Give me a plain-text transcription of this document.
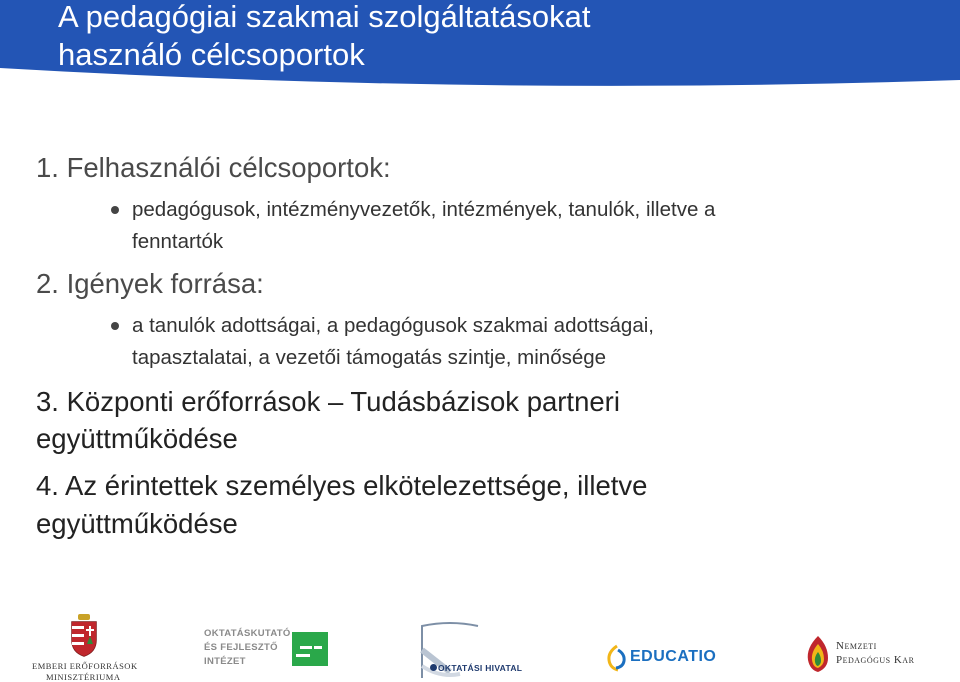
A pedagógiai szakmai szolgáltatásokat
használó célcsoportok
1. Felhasználói célcsoportok:
pedagógusok, intézményvezetők, intézmények, tanulók, illetve a
fenntartók
2. Igények forrása:
a tanulók adottságai, a pedagógusok szakmai adottságai,
tapasztalatai, a vezetői támogatás szintje, minősége
3. Központi erőforrások – Tudásbázisok partneri
együttműködése
4. Az érintettek személyes elkötelezettsége, illetve
együttműködése
EMBERI ERŐFORRÁSOK
MINISZTÉRIUMA
OKTATÁSKUTATÓ
ÉS FEJLESZTŐ
INTÉZET
OKTATÁSI HIVATAL
EDUCATIO
Nemzeti
Pedagógus Kar
